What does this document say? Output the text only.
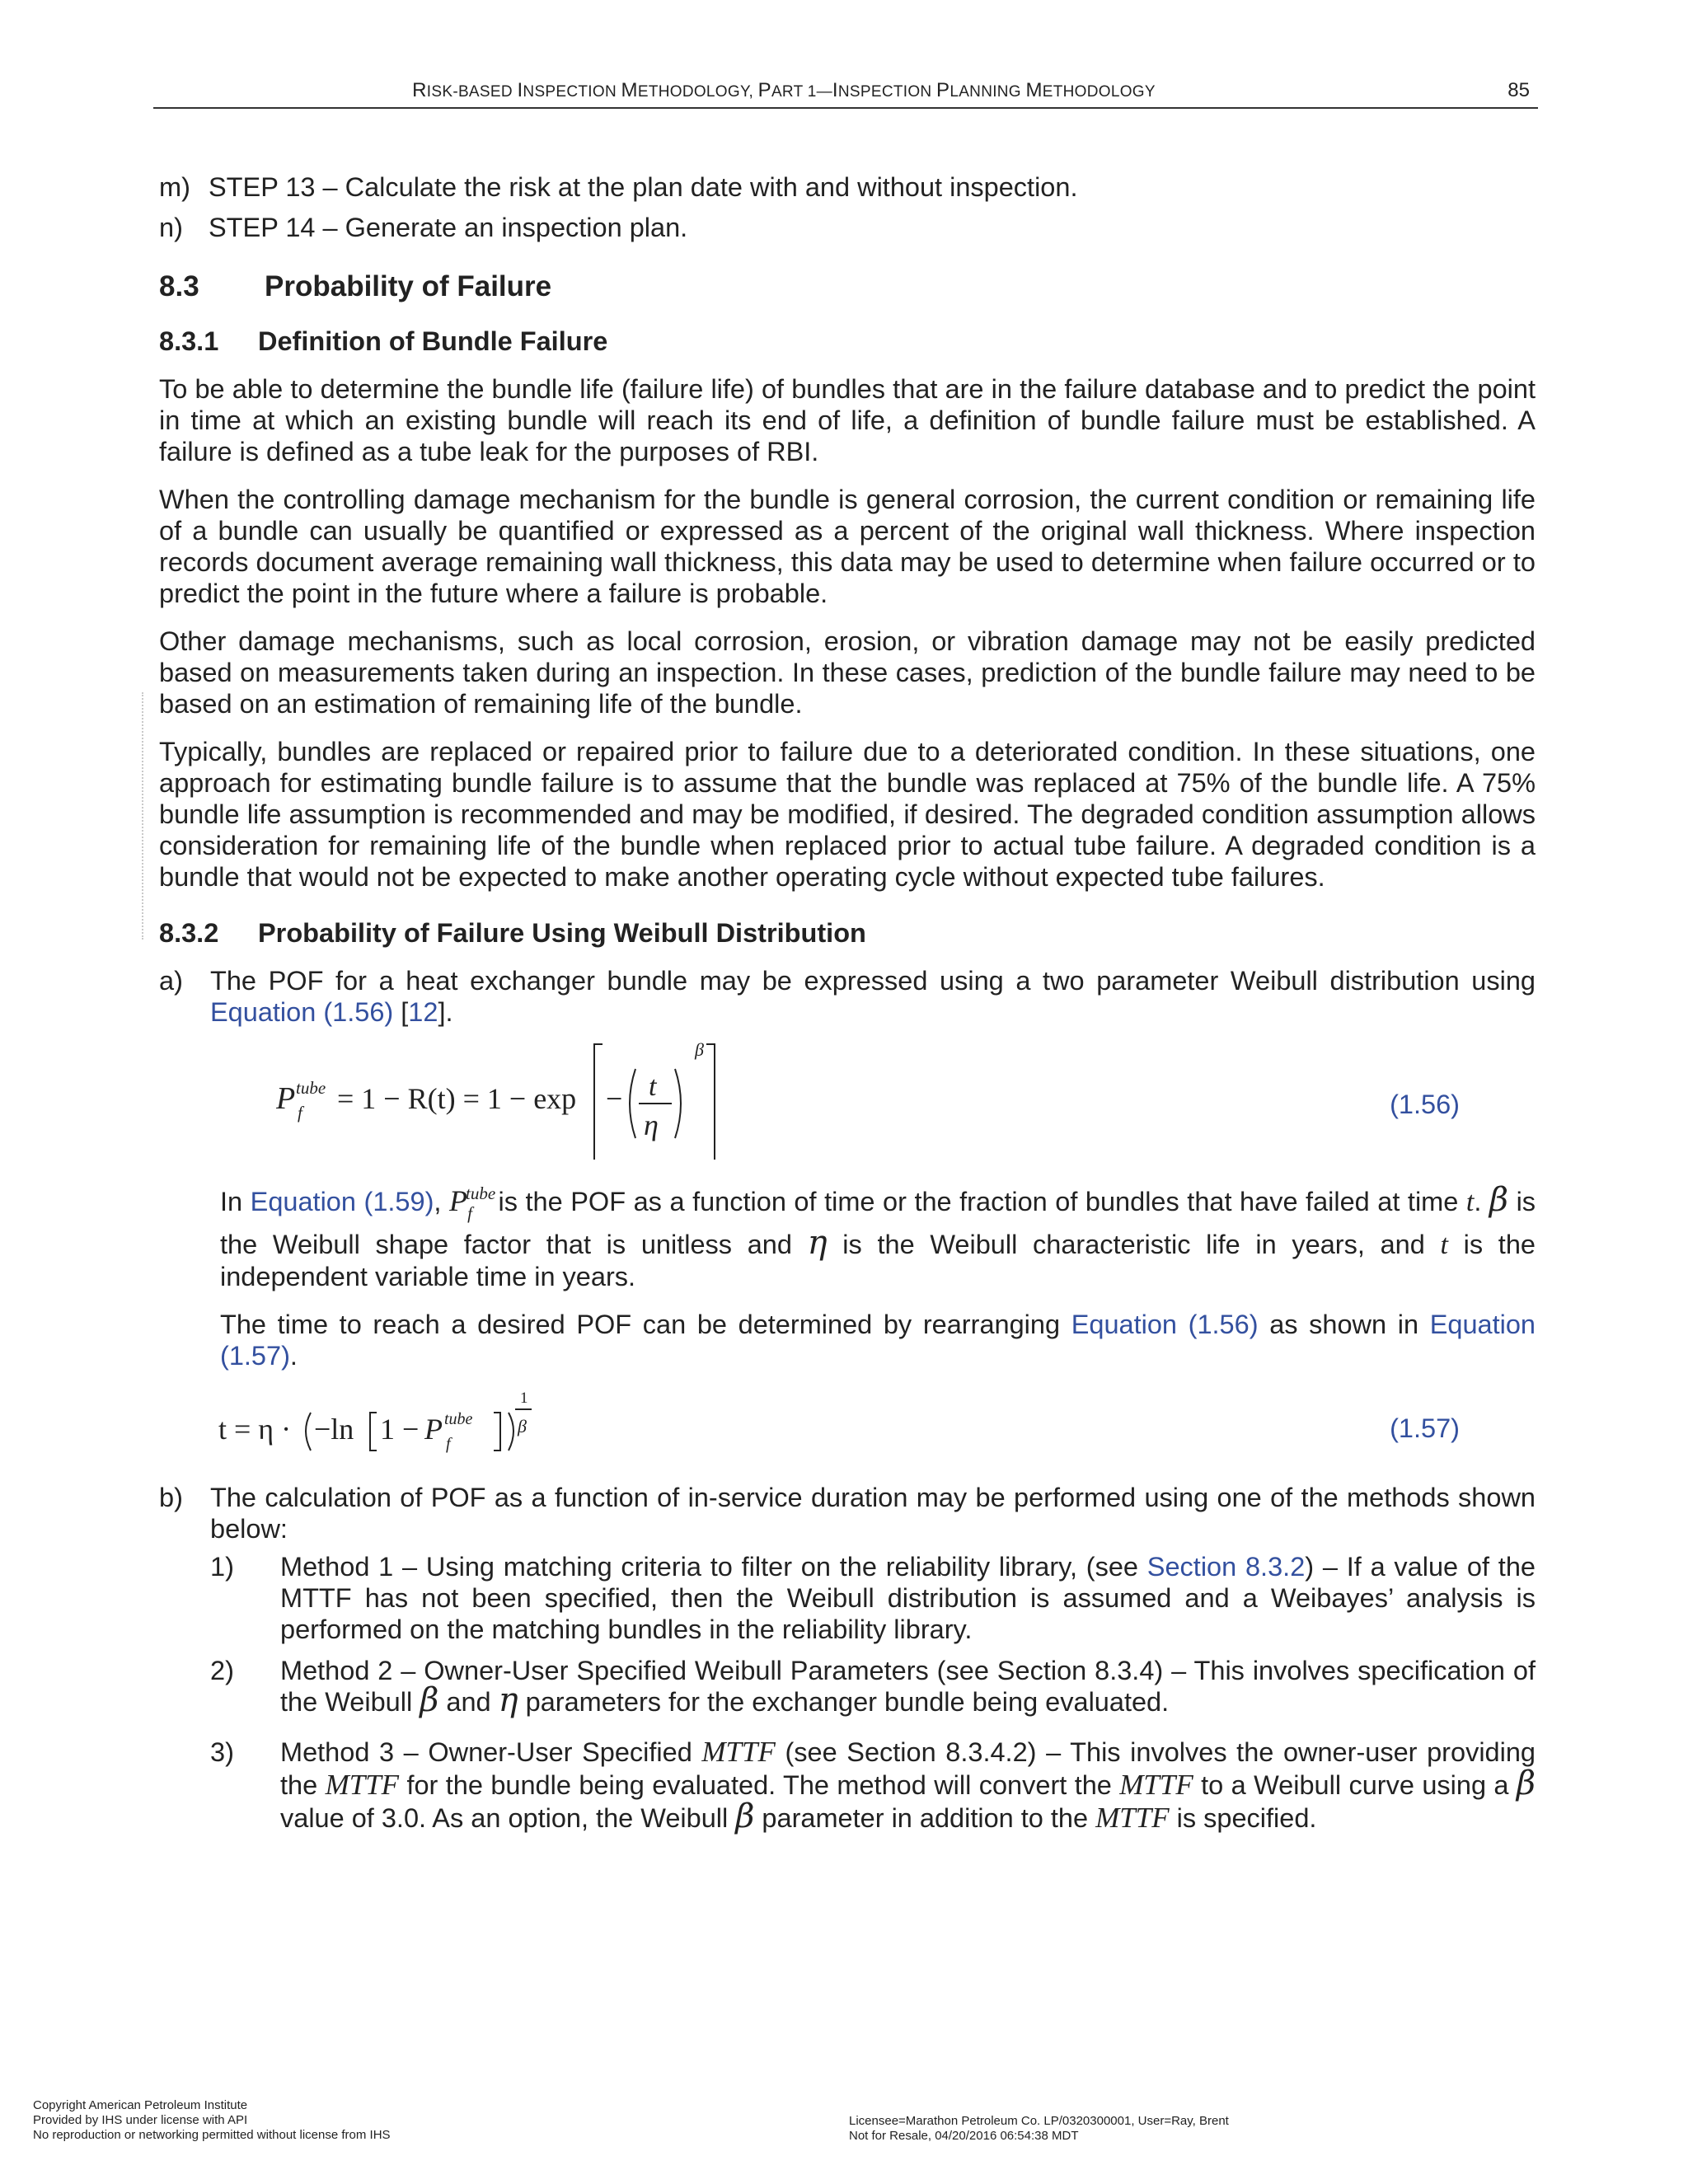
RISK-BASED INSPECTION METHODOLOGY, PART 1—INSPECTION PLANNING METHODOLOGY	85
m) STEP 13 – Calculate the risk at the plan date with and without inspection.
n) STEP 14 – Generate an inspection plan.
8.3 Probability of Failure
8.3.1 Definition of Bundle Failure

To be able to determine the bundle life (failure life) of bundles that are in the failure database and to predict the point in time at which an existing bundle will reach its end of life, a definition of bundle failure must be established. A failure is defined as a tube leak for the purposes of RBI.

When the controlling damage mechanism for the bundle is general corrosion, the current condition or remaining life of a bundle can usually be quantified or expressed as a percent of the original wall thickness. Where inspection records document average remaining wall thickness, this data may be used to determine when failure occurred or to predict the point in the future where a failure is probable.

Other damage mechanisms, such as local corrosion, erosion, or vibration damage may not be easily predicted based on measurements taken during an inspection. In these cases, prediction of the bundle failure may need to be based on an estimation of remaining life of the bundle.

Typically, bundles are replaced or repaired prior to failure due to a deteriorated condition. In these situations, one approach for estimating bundle failure is to assume that the bundle was replaced at 75% of the bundle life. A 75% bundle life assumption is recommended and may be modified, if desired. The degraded condition assumption allows consideration for remaining life of the bundle when replaced prior to actual tube failure. A degraded condition is a bundle that would not be expected to make another operating cycle without expected tube failures.

8.3.2 Probability of Failure Using Weibull Distribution
a) The POF for a heat exchanger bundle may be expressed using a two parameter Weibull distribution using Equation (1.56) [12].
P tube
f = 1 − R(t) = 1 − exp − t
η
β
(1.56)

In Equation (1.59), $P^{tube}_f$ is the POF as a function of time or the fraction of bundles that have failed at time t. β is the Weibull shape factor that is unitless and η is the Weibull characteristic life in years, and t is the independent variable time in years.

The time to reach a desired POF can be determined by rearranging Equation (1.56) as shown in Equation (1.57).

t = η · −ln 1 − P tube
f
1
β	(1.57)
b) The calculation of POF as a function of in-service duration may be performed using one of the methods shown below:
1) Method 1 – Using matching criteria to filter on the reliability library, (see Section 8.3.2) – If a value of the MTTF has not been specified, then the Weibull distribution is assumed and a Weibayes’ analysis is performed on the matching bundles in the reliability library.
2) Method 2 – Owner-User Specified Weibull Parameters (see Section 8.3.4) – This involves specification of the Weibull β and η parameters for the exchanger bundle being evaluated.
3) Method 3 – Owner-User Specified MTTF (see Section 8.3.4.2) – This involves the owner-user providing the MTTF for the bundle being evaluated. The method will convert the MTTF to a Weibull curve using a β value of 3.0. As an option, the Weibull β parameter in addition to the MTTF is specified.
Copyright American Petroleum Institute
Provided by IHS under license with API
No reproduction or networking permitted without license from IHS
Licensee=Marathon Petroleum Co. LP/0320300001, User=Ray, Brent
Not for Resale, 04/20/2016 06:54:38 MDT
